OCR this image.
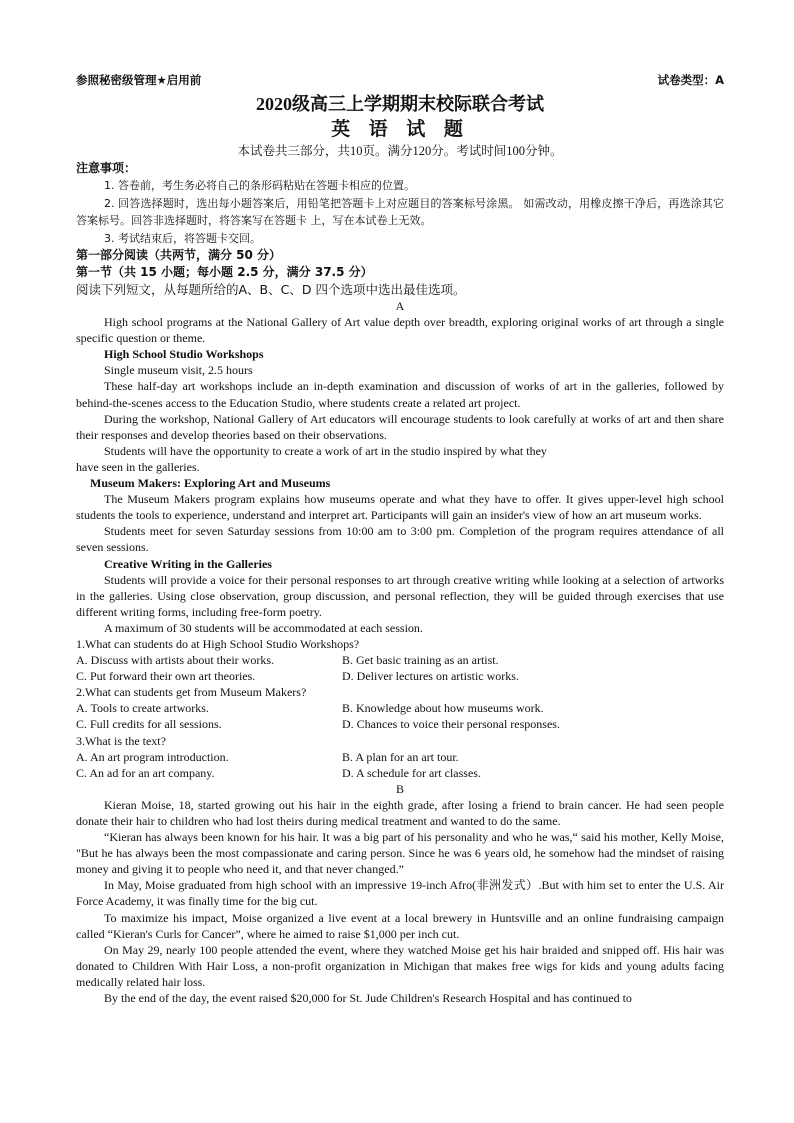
参照秘密级管理★启用前	试卷类型：A
2020级高三上学期期末校际联合考试
英 语 试 题
本试卷共三部分，共10页。满分120分。考试时间100分钟。
注意事项：

1. 答卷前，考生务必将自己的条形码粘贴在答题卡相应的位置。

2. 回答选择题时，选出每小题答案后，用铅笔把答题卡上对应题目的答案标号涂黑。 如需改动，用橡皮擦干净后，再选涂其它答案标号。回答非选择题时，将答案写在答题卡 上，写在本试卷上无效。

3. 考试结束后，将答题卡交回。

第一部分阅读（共两节，满分 50 分）
第一节（共 15 小题；每小题 2.5 分，满分 37.5 分）
阅读下列短文，从每题所给的A、B、C、D 四个选项中选出最佳选项。
A

High school programs at the National Gallery of Art value depth over breadth, exploring original works of art through a single specific question or theme.

High School Studio Workshops

Single museum visit, 2.5 hours

These half-day art workshops include an in-depth examination and discussion of works of art in the galleries, followed by behind-the-scenes access to the Education Studio, where students create a related art project.

During the workshop, National Gallery of Art educators will encourage students to look carefully at works of art and then share their responses and develop theories based on their observations.

Students will have the opportunity to create a work of art in the studio inspired by what they

have seen in the galleries.

Museum Makers: Exploring Art and Museums

The Museum Makers program explains how museums operate and what they have to offer. It gives upper-level high school students the tools to experience, understand and interpret art. Participants will gain an insider's view of how an art museum works.

Students meet for seven Saturday sessions from 10:00 am to 3:00 pm. Completion of the program requires attendance of all seven sessions.

Creative Writing in the Galleries

Students will provide a voice for their personal responses to art through creative writing while looking at a selection of artworks in the galleries. Using close observation, group discussion, and personal reflection, they will be guided through exercises that use different writing forms, including free-form poetry.

A maximum of 30 students will be accommodated at each session.

1.What can students do at High School Studio Workshops?

A. Discuss with artists about their works.	B. Get basic training as an artist.
C. Put forward their own art theories.	D. Deliver lectures on artistic works.

2.What can students get from Museum Makers?

A. Tools to create artworks.	B. Knowledge about how museums work.
C. Full credits for all sessions.	D. Chances to voice their personal responses.

3.What is the text?

A. An art program introduction.	B. A plan for an art tour.
C. An ad for an art company.	D. A schedule for art classes.
B

Kieran Moise, 18, started growing out his hair in the eighth grade, after losing a friend to brain cancer. He had seen people donate their hair to children who had lost theirs during medical treatment and wanted to do the same.

“Kieran has always been known for his hair. It was a big part of his personality and who he was,“ said his mother, Kelly Moise, "But he has always been the most compassionate and caring person. Since he was 6 years old, he somehow had the mindset of raising money and giving it to people who need it, and that never changed.”

In May, Moise graduated from high school with an impressive 19-inch Afro(非洲发式）.But with him set to enter the U.S. Air Force Academy, it was finally time for the big cut.

To maximize his impact, Moise organized a live event at a local brewery in Huntsville and an online fundraising campaign called “Kieran's Curls for Cancer”, where he aimed to raise $1,000 per inch cut.

On May 29, nearly 100 people attended the event, where they watched Moise get his hair braided and snipped off. His hair was donated to Children With Hair Loss, a non-profit organization in Michigan that makes free wigs for kids and young adults facing medically related hair loss.

By the end of the day, the event raised $20,000 for St. Jude Children's Research Hospital and has continued to
